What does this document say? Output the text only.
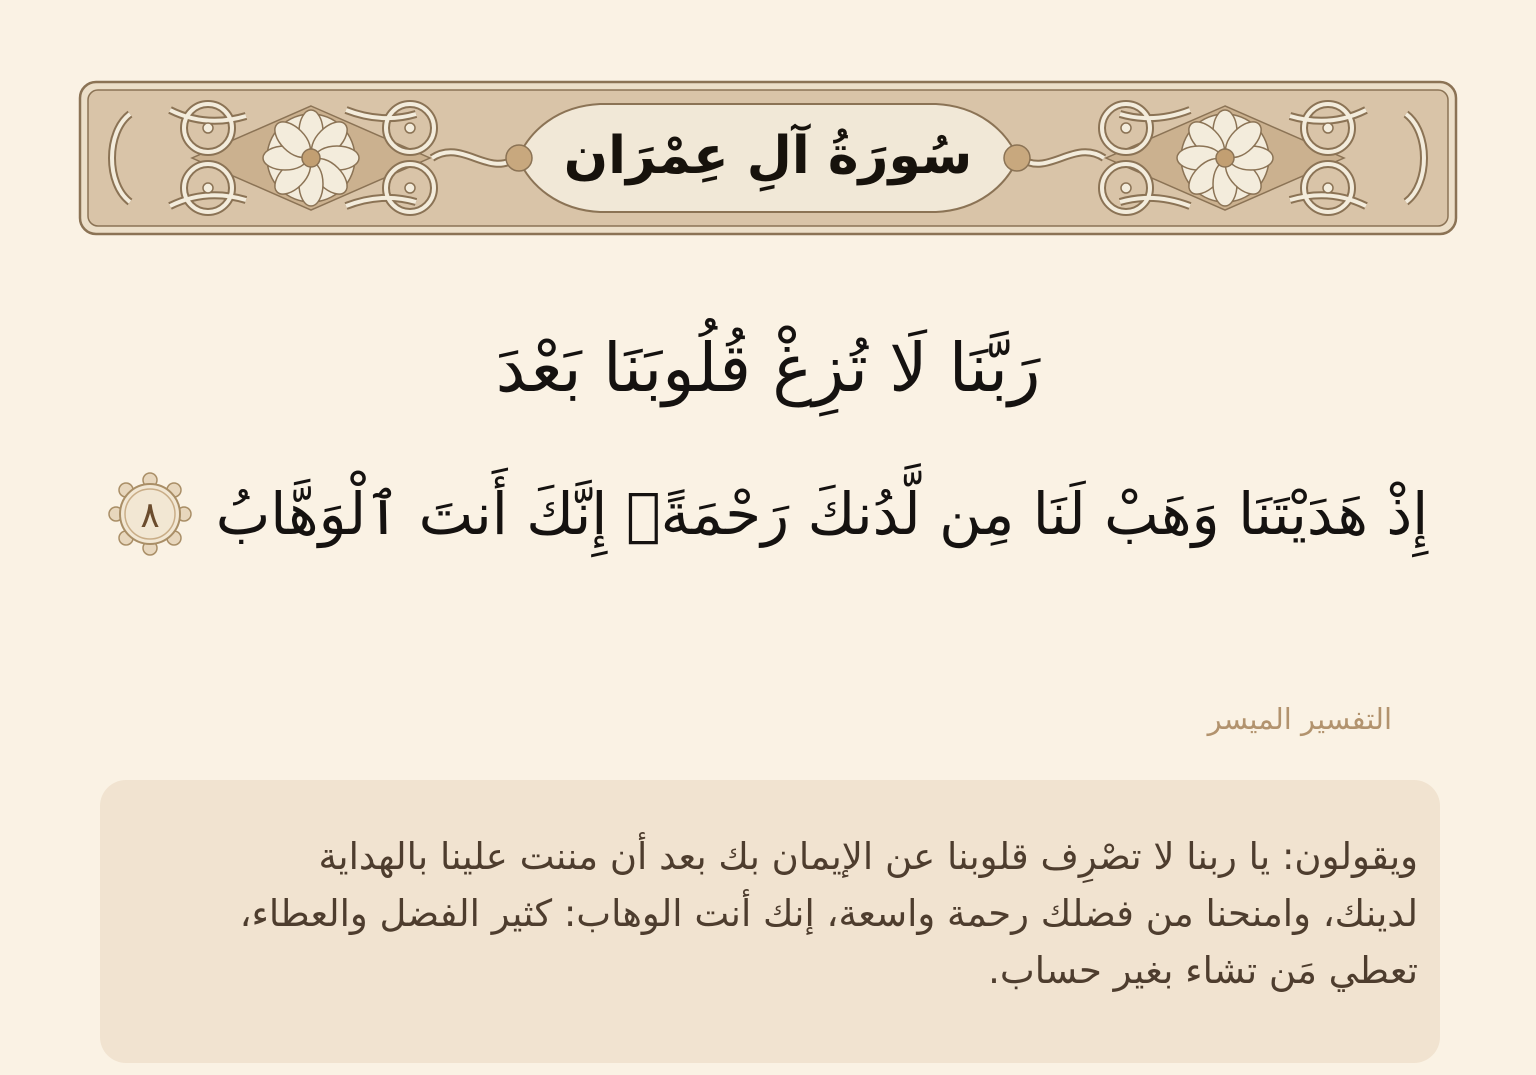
سُورَةُ آلِ عِمْرَان
رَبَّنَا لَا تُزِغْ قُلُوبَنَا بَعْدَ
إِذْ هَدَيْتَنَا وَهَبْ لَنَا مِن لَّدُنكَ رَحْمَةًۚ إِنَّكَ أَنتَ ٱلْوَهَّابُ
٨
التفسير الميسر
ويقولون: يا ربنا لا تصْرِف قلوبنا عن الإيمان بك بعد أن مننت علينا بالهداية
لدينك، وامنحنا من فضلك رحمة واسعة، إنك أنت الوهاب: كثير الفضل والعطاء،
تعطي مَن تشاء بغير حساب.
